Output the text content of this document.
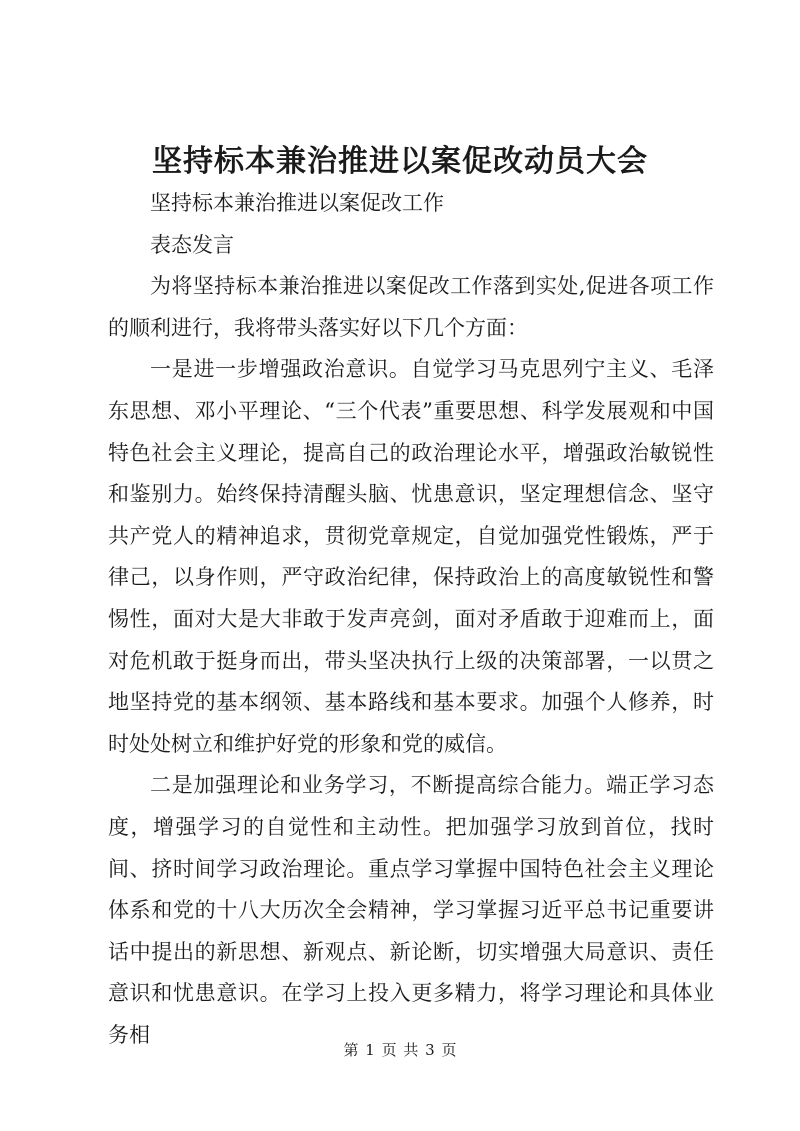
坚持标本兼治推进以案促改动员大会

坚持标本兼治推进以案促改工作

表态发言

为将坚持标本兼治推进以案促改工作落到实处,促进各项工作的顺利进行，我将带头落实好以下几个方面：

一是进一步增强政治意识。自觉学习马克思列宁主义、毛泽东思想、邓小平理论、“三个代表”重要思想、科学发展观和中国特色社会主义理论，提高自己的政治理论水平，增强政治敏锐性和鉴别力。始终保持清醒头脑、忧患意识，坚定理想信念、坚守共产党人的精神追求，贯彻党章规定，自觉加强党性锻炼，严于律己，以身作则，严守政治纪律，保持政治上的高度敏锐性和警惕性，面对大是大非敢于发声亮剑，面对矛盾敢于迎难而上，面对危机敢于挺身而出，带头坚决执行上级的决策部署，一以贯之地坚持党的基本纲领、基本路线和基本要求。加强个人修养，时时处处树立和维护好党的形象和党的威信。

二是加强理论和业务学习，不断提高综合能力。端正学习态度，增强学习的自觉性和主动性。把加强学习放到首位，找时间、挤时间学习政治理论。重点学习掌握中国特色社会主义理论体系和党的十八大历次全会精神，学习掌握习近平总书记重要讲话中提出的新思想、新观点、新论断，切实增强大局意识、责任意识和忧患意识。在学习上投入更多精力，将学习理论和具体业务相

第 1 页 共 3 页
